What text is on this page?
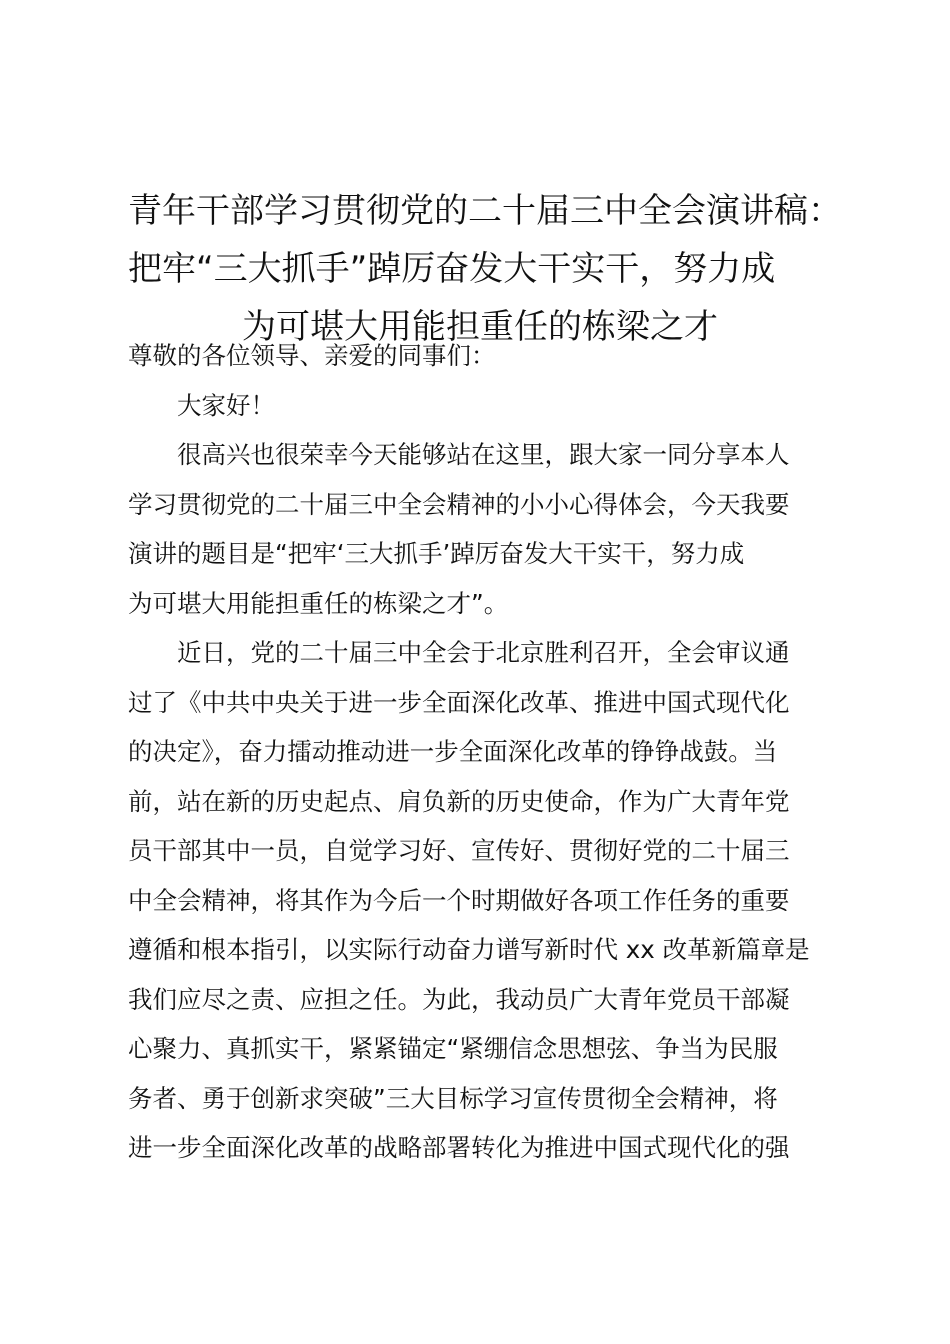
青年干部学习贯彻党的二十届三中全会演讲稿：
把牢“三大抓手”踔厉奋发大干实干，努力成
为可堪大用能担重任的栋梁之才
尊敬的各位领导、亲爱的同事们：
大家好！
很高兴也很荣幸今天能够站在这里，跟大家一同分享本人
学习贯彻党的二十届三中全会精神的小小心得体会，今天我要
演讲的题目是“把牢‘三大抓手’踔厉奋发大干实干，努力成
为可堪大用能担重任的栋梁之才”。
近日，党的二十届三中全会于北京胜利召开，全会审议通
过了《中共中央关于进一步全面深化改革、推进中国式现代化
的决定》，奋力擂动推动进一步全面深化改革的铮铮战鼓。当
前，站在新的历史起点、肩负新的历史使命，作为广大青年党
员干部其中一员，自觉学习好、宣传好、贯彻好党的二十届三
中全会精神，将其作为今后一个时期做好各项工作任务的重要
遵循和根本指引，以实际行动奋力谱写新时代 xx 改革新篇章是
我们应尽之责、应担之任。为此，我动员广大青年党员干部凝
心聚力、真抓实干，紧紧锚定“紧绷信念思想弦、争当为民服
务者、勇于创新求突破”三大目标学习宣传贯彻全会精神，将
进一步全面深化改革的战略部署转化为推进中国式现代化的强
